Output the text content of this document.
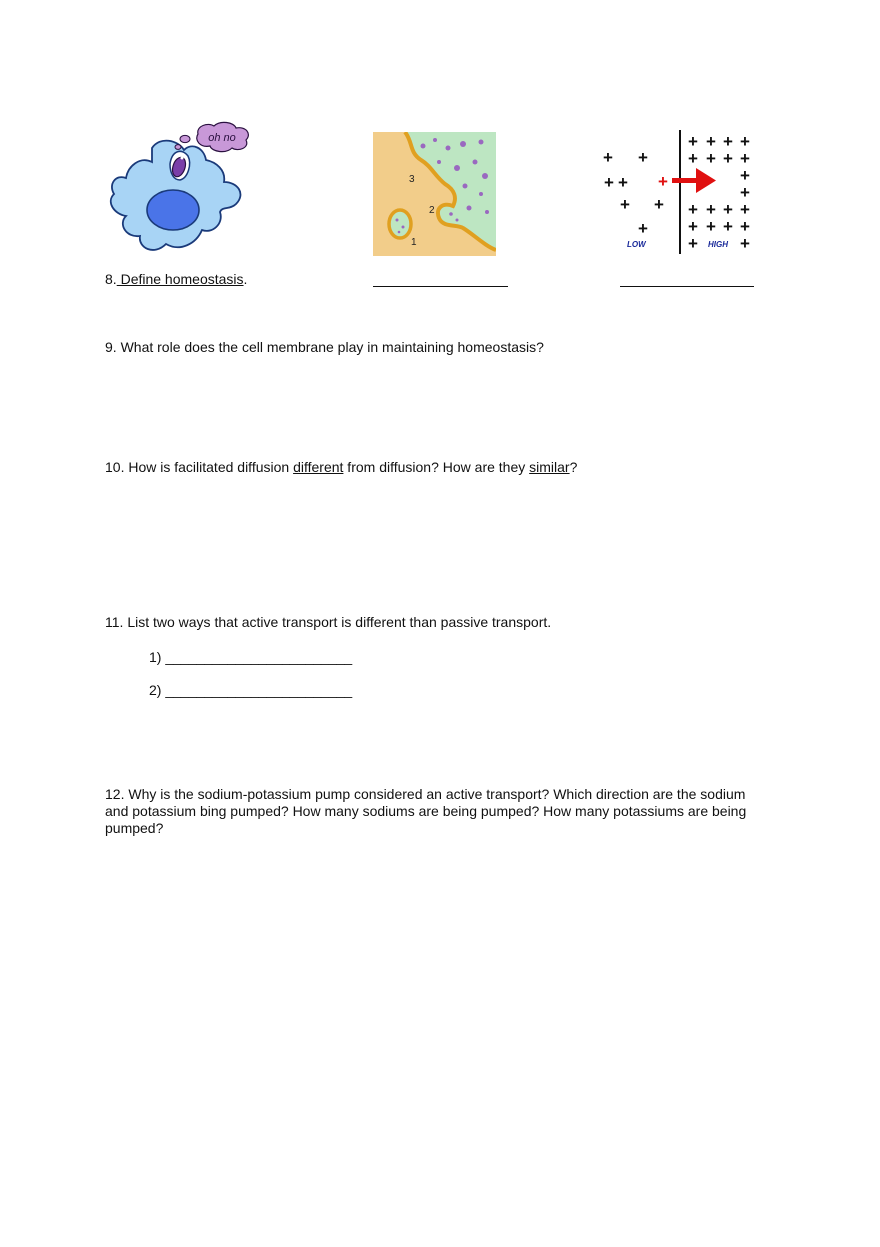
oh no
3
2
1
+ +
+ +
+ +
+
+ + + +
+ + + +
+
+
+ + + +
+ + + +
+ +
+
LOW	HIGH
8. Define homeostasis.

9. What role does the cell membrane play in maintaining homeostasis?

10. How is facilitated diffusion different from diffusion? How are they similar?

11. List two ways that active transport is different than passive transport.

1) ________________________
2) ________________________

12. Why is the sodium-potassium pump considered an active transport? Which direction are the sodium and potassium bing pumped? How many sodiums are being pumped? How many potassiums are being pumped?
